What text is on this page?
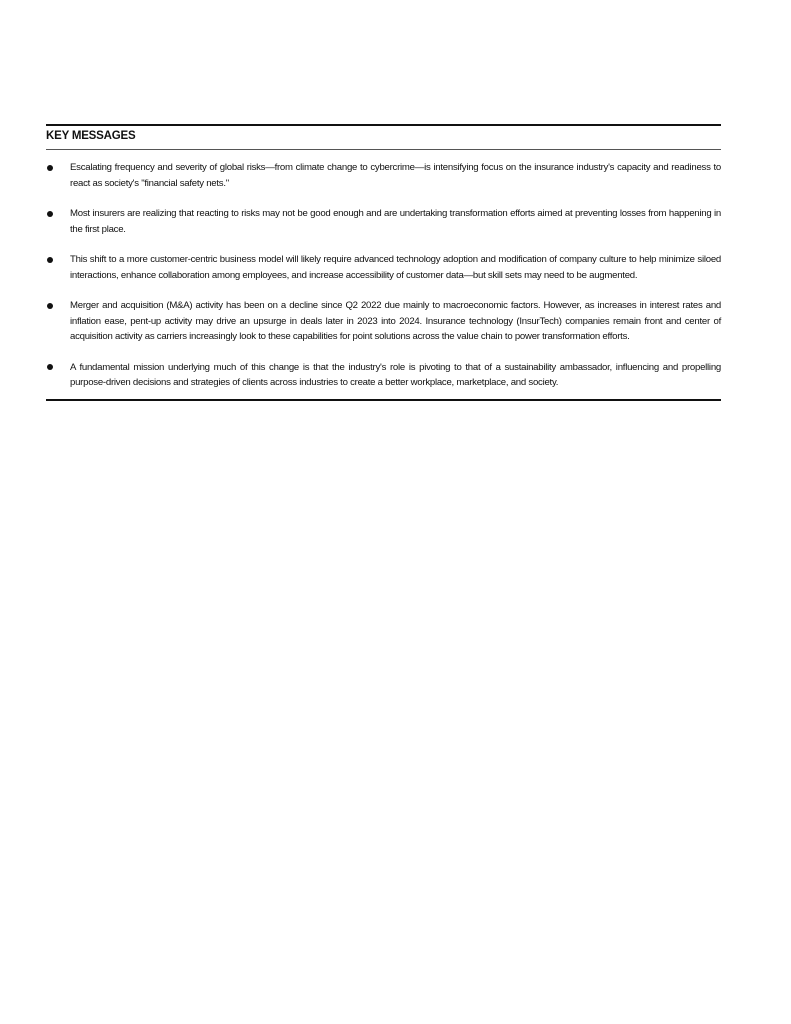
KEY MESSAGES
Escalating frequency and severity of global risks—from climate change to cybercrime—is intensifying focus on the insurance industry's capacity and readiness to react as society's "financial safety nets."
Most insurers are realizing that reacting to risks may not be good enough and are undertaking transformation efforts aimed at preventing losses from happening in the first place.
This shift to a more customer-centric business model will likely require advanced technology adoption and modification of company culture to help minimize siloed interactions, enhance collaboration among employees, and increase accessibility of customer data—but skill sets may need to be augmented.
Merger and acquisition (M&A) activity has been on a decline since Q2 2022 due mainly to macroeconomic factors. However, as increases in interest rates and inflation ease, pent-up activity may drive an upsurge in deals later in 2023 into 2024. Insurance technology (InsurTech) companies remain front and center of acquisition activity as carriers increasingly look to these capabilities for point solutions across the value chain to power transformation efforts.
A fundamental mission underlying much of this change is that the industry's role is pivoting to that of a sustainability ambassador, influencing and propelling purpose-driven decisions and strategies of clients across industries to create a better workplace, marketplace, and society.
